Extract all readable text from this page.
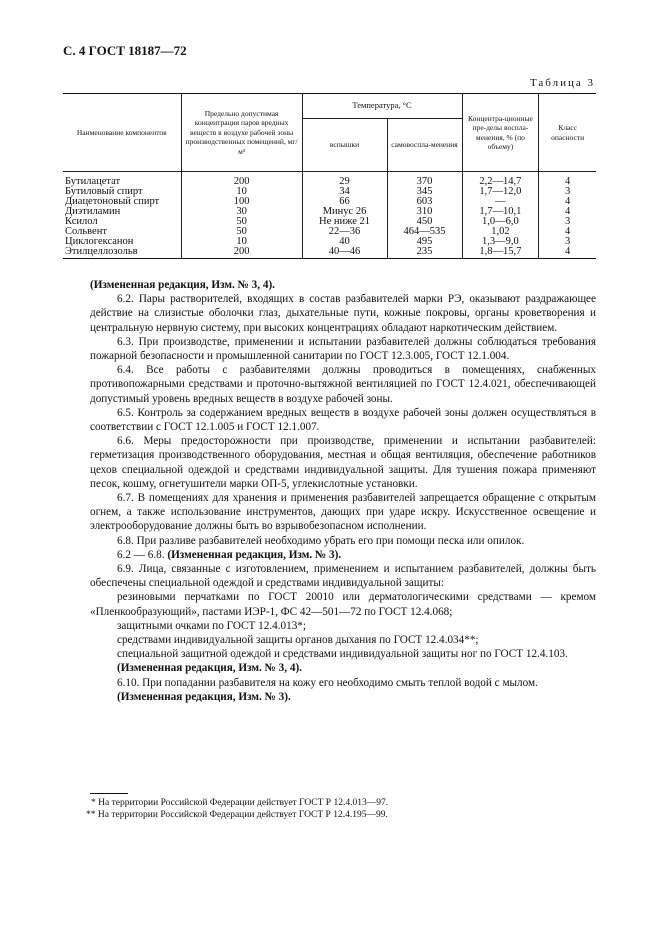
С. 4 ГОСТ 18187—72
Таблица 3
Наименование компонентов	Предельно допустимая концентрация паров вредных веществ в воздухе рабочей зоны производственных помещений, мг/м³	Температура, °С		Концентра-ционные пре-делы воспла-менения, % (по объему)	Класс опасности
		вспышки	самовоспла-менения		
Бутилацетат	200	29	370	2,2—14,7	4
Бутиловый спирт	10	34	345	1,7—12,0	3
Диацетоновый спирт	100	66	603	—	4
Диэтиламин	30	Минус 26	310	1,7—10,1	4
Ксилол	50	Не ниже 21	450	1,0—6,0	3
Сольвент	50	22—36	464—535	1,02	4
Циклогексанон	10	40	495	1,3—9,0	3
Этилцеллозольв	200	40—46	235	1,8—15,7	4

(Измененная редакция, Изм. № 3, 4).

6.2. Пары растворителей, входящих в состав разбавителей марки РЭ, оказывают раздражающее действие на слизистые оболочки глаз, дыхательные пути, кожные покровы, органы кроветворения и центральную нервную систему, при высоких концентрациях обладают наркотическим действием.

6.3. При производстве, применении и испытании разбавителей должны соблюдаться требования пожарной безопасности и промышленной санитарии по ГОСТ 12.3.005, ГОСТ 12.1.004.

6.4. Все работы с разбавителями должны проводиться в помещениях, снабженных противопожарными средствами и проточно-вытяжной вентиляцией по ГОСТ 12.4.021, обеспечивающей допустимый уровень вредных веществ в воздухе рабочей зоны.

6.5. Контроль за содержанием вредных веществ в воздухе рабочей зоны должен осуществляться в соответствии с ГОСТ 12.1.005 и ГОСТ 12.1.007.

6.6. Меры предосторожности при производстве, применении и испытании разбавителей: герметизация производственного оборудования, местная и общая вентиляция, обеспечение работников цехов специальной одеждой и средствами индивидуальной защиты. Для тушения пожара применяют песок, кошму, огнетушители марки ОП-5, углекислотные установки.

6.7. В помещениях для хранения и применения разбавителей запрещается обращение с открытым огнем, а также использование инструментов, дающих при ударе искру. Искусственное освещение и электрооборудование должны быть во взрывобезопасном исполнении.

6.8. При разливе разбавителей необходимо убрать его при помощи песка или опилок.

6.2 — 6.8. (Измененная редакция, Изм. № 3).

6.9. Лица, связанные с изготовлением, применением и испытанием разбавителей, должны быть обеспечены специальной одеждой и средствами индивидуальной защиты:

резиновыми перчатками по ГОСТ 20010 или дерматологическими средствами — кремом «Пленкообразующий», пастами ИЭР-1, ФС 42—501—72 по ГОСТ 12.4.068;

защитными очками по ГОСТ 12.4.013*;

средствами индивидуальной защиты органов дыхания по ГОСТ 12.4.034**;

специальной защитной одеждой и средствами индивидуальной защиты ног по ГОСТ 12.4.103.

(Измененная редакция, Изм. № 3, 4).

6.10. При попадании разбавителя на кожу его необходимо смыть теплой водой с мылом.

(Измененная редакция, Изм. № 3).

* На территории Российской Федерации действует ГОСТ Р 12.4.013—97.
** На территории Российской Федерации действует ГОСТ Р 12.4.195—99.
